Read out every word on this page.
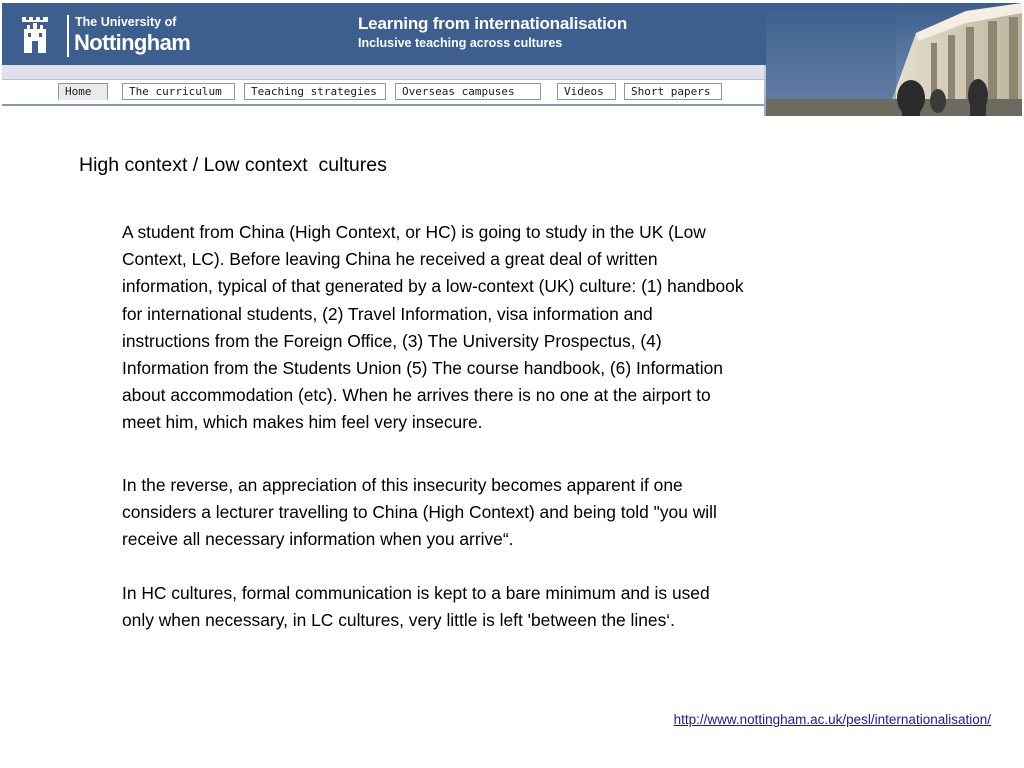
The University of
Nottingham
Learning from internationalisation
Inclusive teaching across cultures
Home	The curriculum	Teaching strategies	Overseas campuses	Videos	Short papers
High context / Low context  cultures

A student from China (High Context, or HC) is going to study in the UK (Low
Context, LC). Before leaving China he received a great deal of written
information, typical of that generated by a low-context (UK) culture: (1) handbook
for international students, (2) Travel Information, visa information and
instructions from the Foreign Office, (3) The University Prospectus, (4)
Information from the Students Union (5) The course handbook, (6) Information
about accommodation (etc). When he arrives there is no one at the airport to
meet him, which makes him feel very insecure.

In the reverse, an appreciation of this insecurity becomes apparent if one
considers a lecturer travelling to China (High Context) and being told "you will
receive all necessary information when you arrive“.

In HC cultures, formal communication is kept to a bare minimum and is used
only when necessary, in LC cultures, very little is left 'between the lines‘.

http://www.nottingham.ac.uk/pesl/internationalisation/
